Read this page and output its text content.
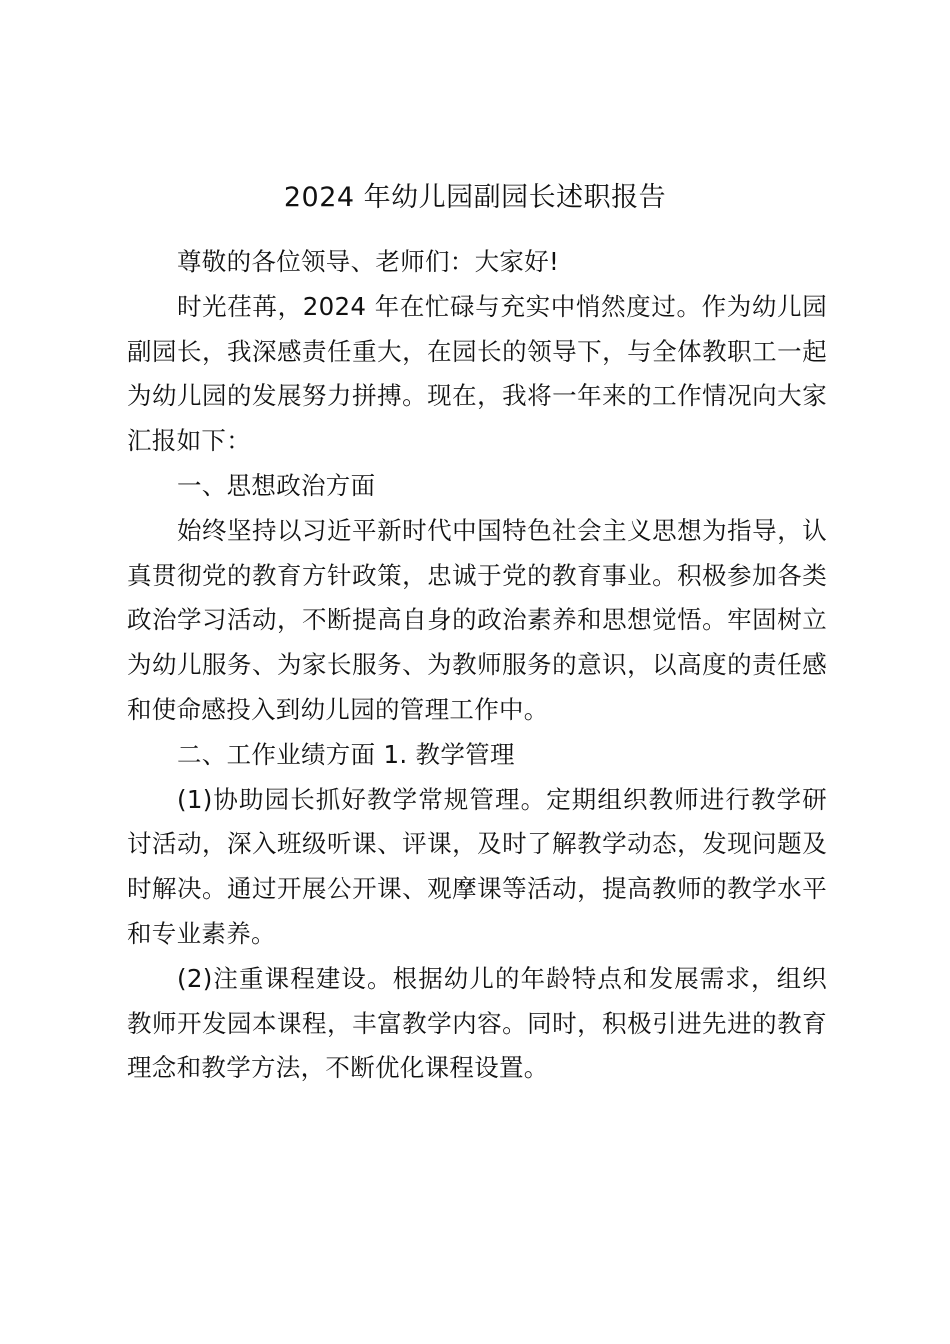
2024 年幼儿园副园长述职报告

尊敬的各位领导、老师们：大家好!

时光荏苒，2024 年在忙碌与充实中悄然度过。作为幼儿园副园长，我深感责任重大，在园长的领导下，与全体教职工一起为幼儿园的发展努力拼搏。现在，我将一年来的工作情况向大家汇报如下：

一、思想政治方面

始终坚持以习近平新时代中国特色社会主义思想为指导，认真贯彻党的教育方针政策，忠诚于党的教育事业。积极参加各类政治学习活动，不断提高自身的政治素养和思想觉悟。牢固树立为幼儿服务、为家长服务、为教师服务的意识，以高度的责任感和使命感投入到幼儿园的管理工作中。

二、工作业绩方面 1. 教学管理

(1)协助园长抓好教学常规管理。定期组织教师进行教学研讨活动，深入班级听课、评课，及时了解教学动态，发现问题及时解决。通过开展公开课、观摩课等活动，提高教师的教学水平和专业素养。

(2)注重课程建设。根据幼儿的年龄特点和发展需求，组织教师开发园本课程，丰富教学内容。同时，积极引进先进的教育理念和教学方法，不断优化课程设置。
